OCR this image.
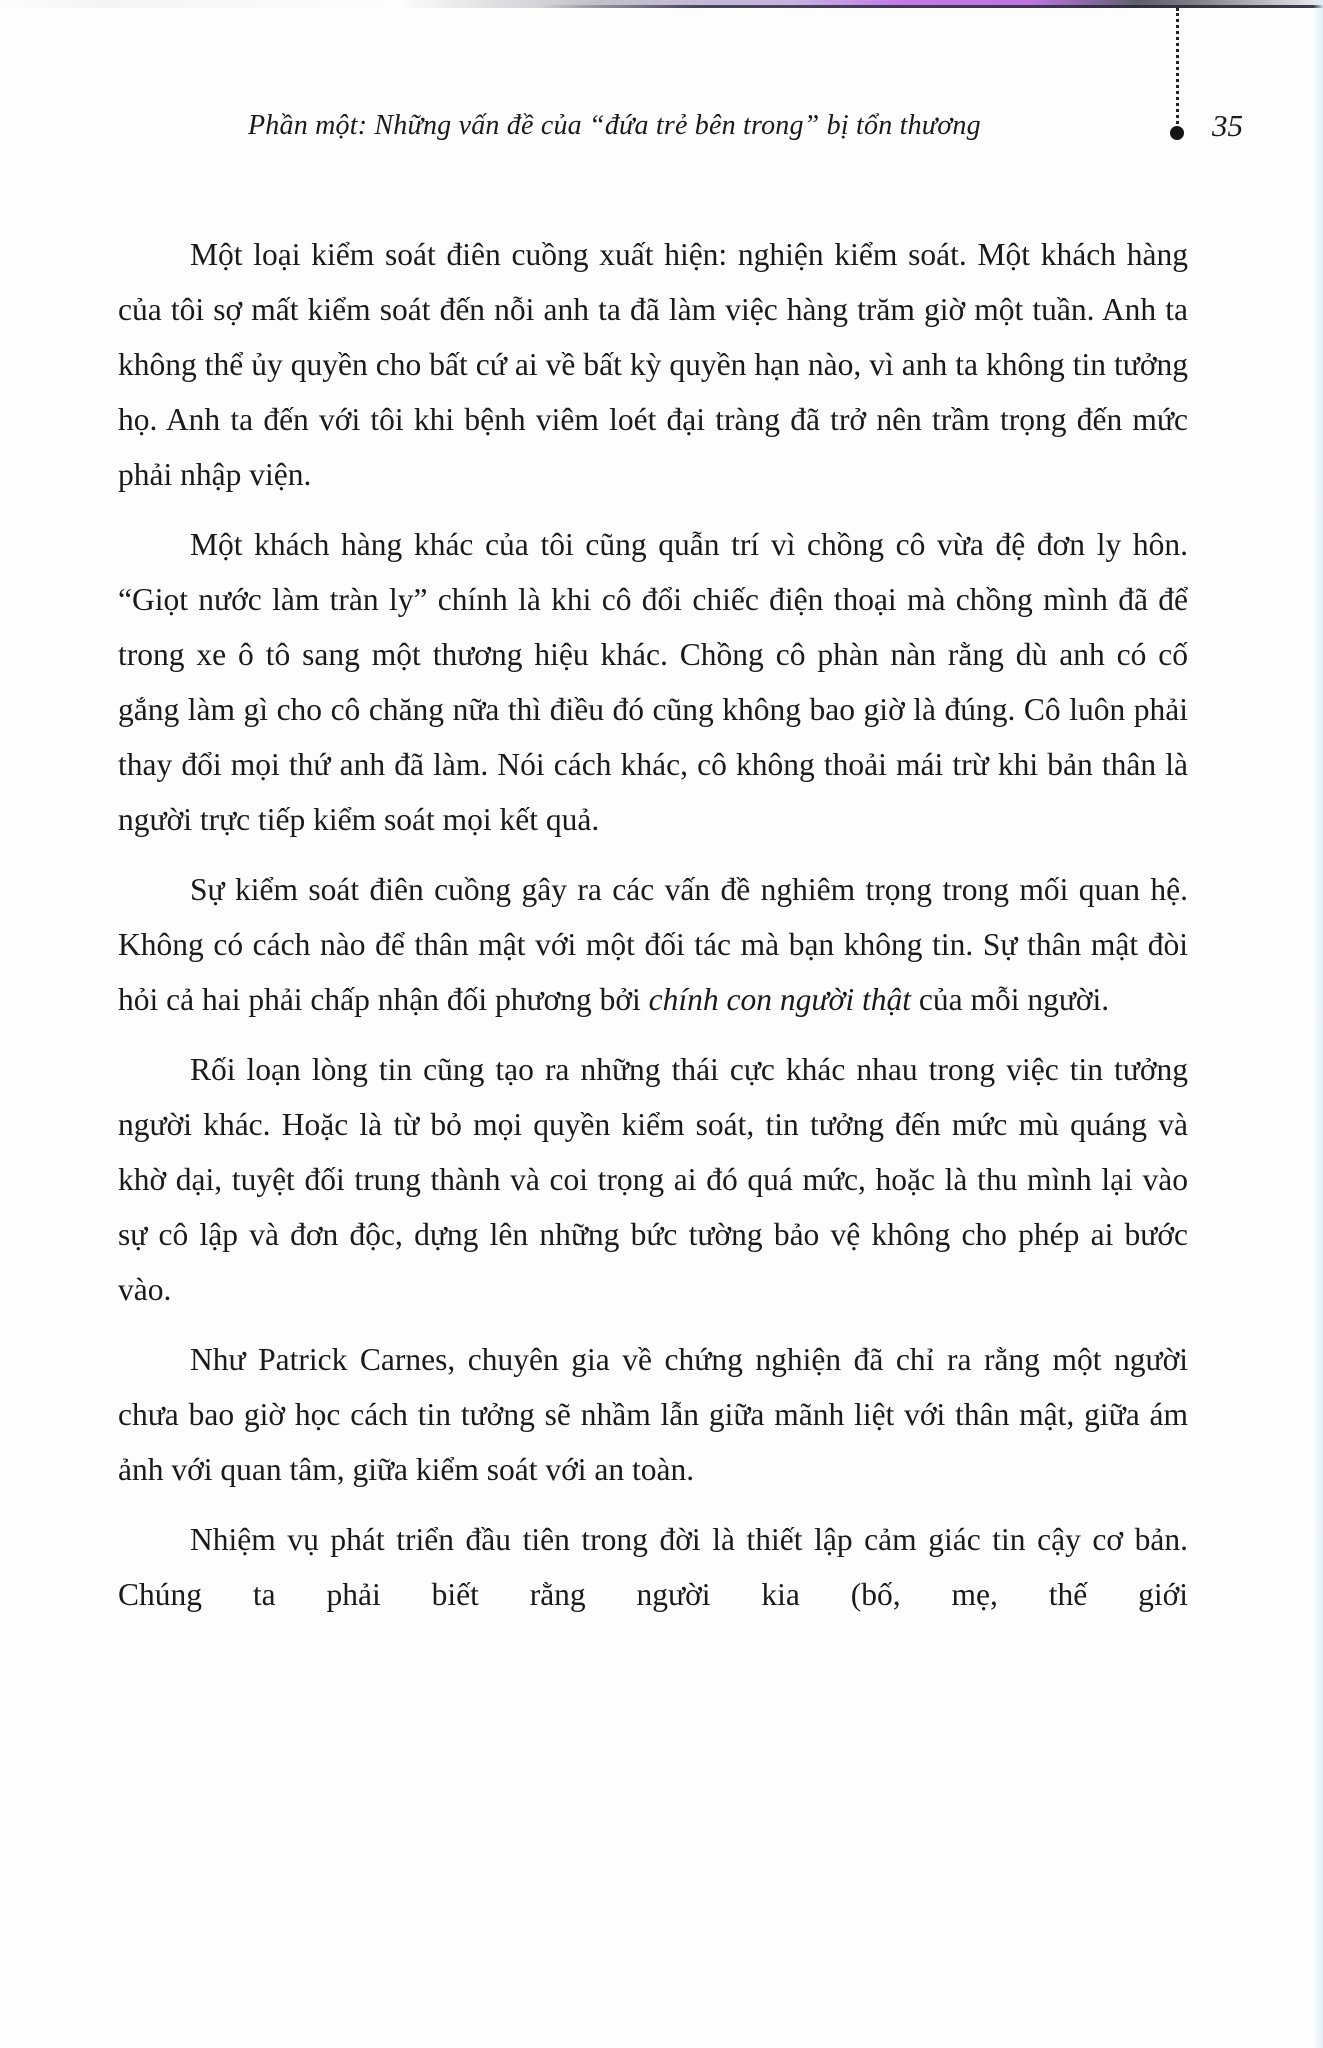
Phần một: Những vấn đề của “đứa trẻ bên trong” bị tổn thương	35

Một loại kiểm soát điên cuồng xuất hiện: nghiện kiểm soát. Một khách hàng của tôi sợ mất kiểm soát đến nỗi anh ta đã làm việc hàng trăm giờ một tuần. Anh ta không thể ủy quyền cho bất cứ ai về bất kỳ quyền hạn nào, vì anh ta không tin tưởng họ. Anh ta đến với tôi khi bệnh viêm loét đại tràng đã trở nên trầm trọng đến mức phải nhập viện.

Một khách hàng khác của tôi cũng quẫn trí vì chồng cô vừa đệ đơn ly hôn. “Giọt nước làm tràn ly” chính là khi cô đổi chiếc điện thoại mà chồng mình đã để trong xe ô tô sang một thương hiệu khác. Chồng cô phàn nàn rằng dù anh có cố gắng làm gì cho cô chăng nữa thì điều đó cũng không bao giờ là đúng. Cô luôn phải thay đổi mọi thứ anh đã làm. Nói cách khác, cô không thoải mái trừ khi bản thân là người trực tiếp kiểm soát mọi kết quả.

Sự kiểm soát điên cuồng gây ra các vấn đề nghiêm trọng trong mối quan hệ. Không có cách nào để thân mật với một đối tác mà bạn không tin. Sự thân mật đòi hỏi cả hai phải chấp nhận đối phương bởi chính con người thật của mỗi người.

Rối loạn lòng tin cũng tạo ra những thái cực khác nhau trong việc tin tưởng người khác. Hoặc là từ bỏ mọi quyền kiểm soát, tin tưởng đến mức mù quáng và khờ dại, tuyệt đối trung thành và coi trọng ai đó quá mức, hoặc là thu mình lại vào sự cô lập và đơn độc, dựng lên những bức tường bảo vệ không cho phép ai bước vào.

Như Patrick Carnes, chuyên gia về chứng nghiện đã chỉ ra rằng một người chưa bao giờ học cách tin tưởng sẽ nhầm lẫn giữa mãnh liệt với thân mật, giữa ám ảnh với quan tâm, giữa kiểm soát với an toàn.

Nhiệm vụ phát triển đầu tiên trong đời là thiết lập cảm giác tin cậy cơ bản. Chúng ta phải biết rằng người kia (bố, mẹ, thế giới
